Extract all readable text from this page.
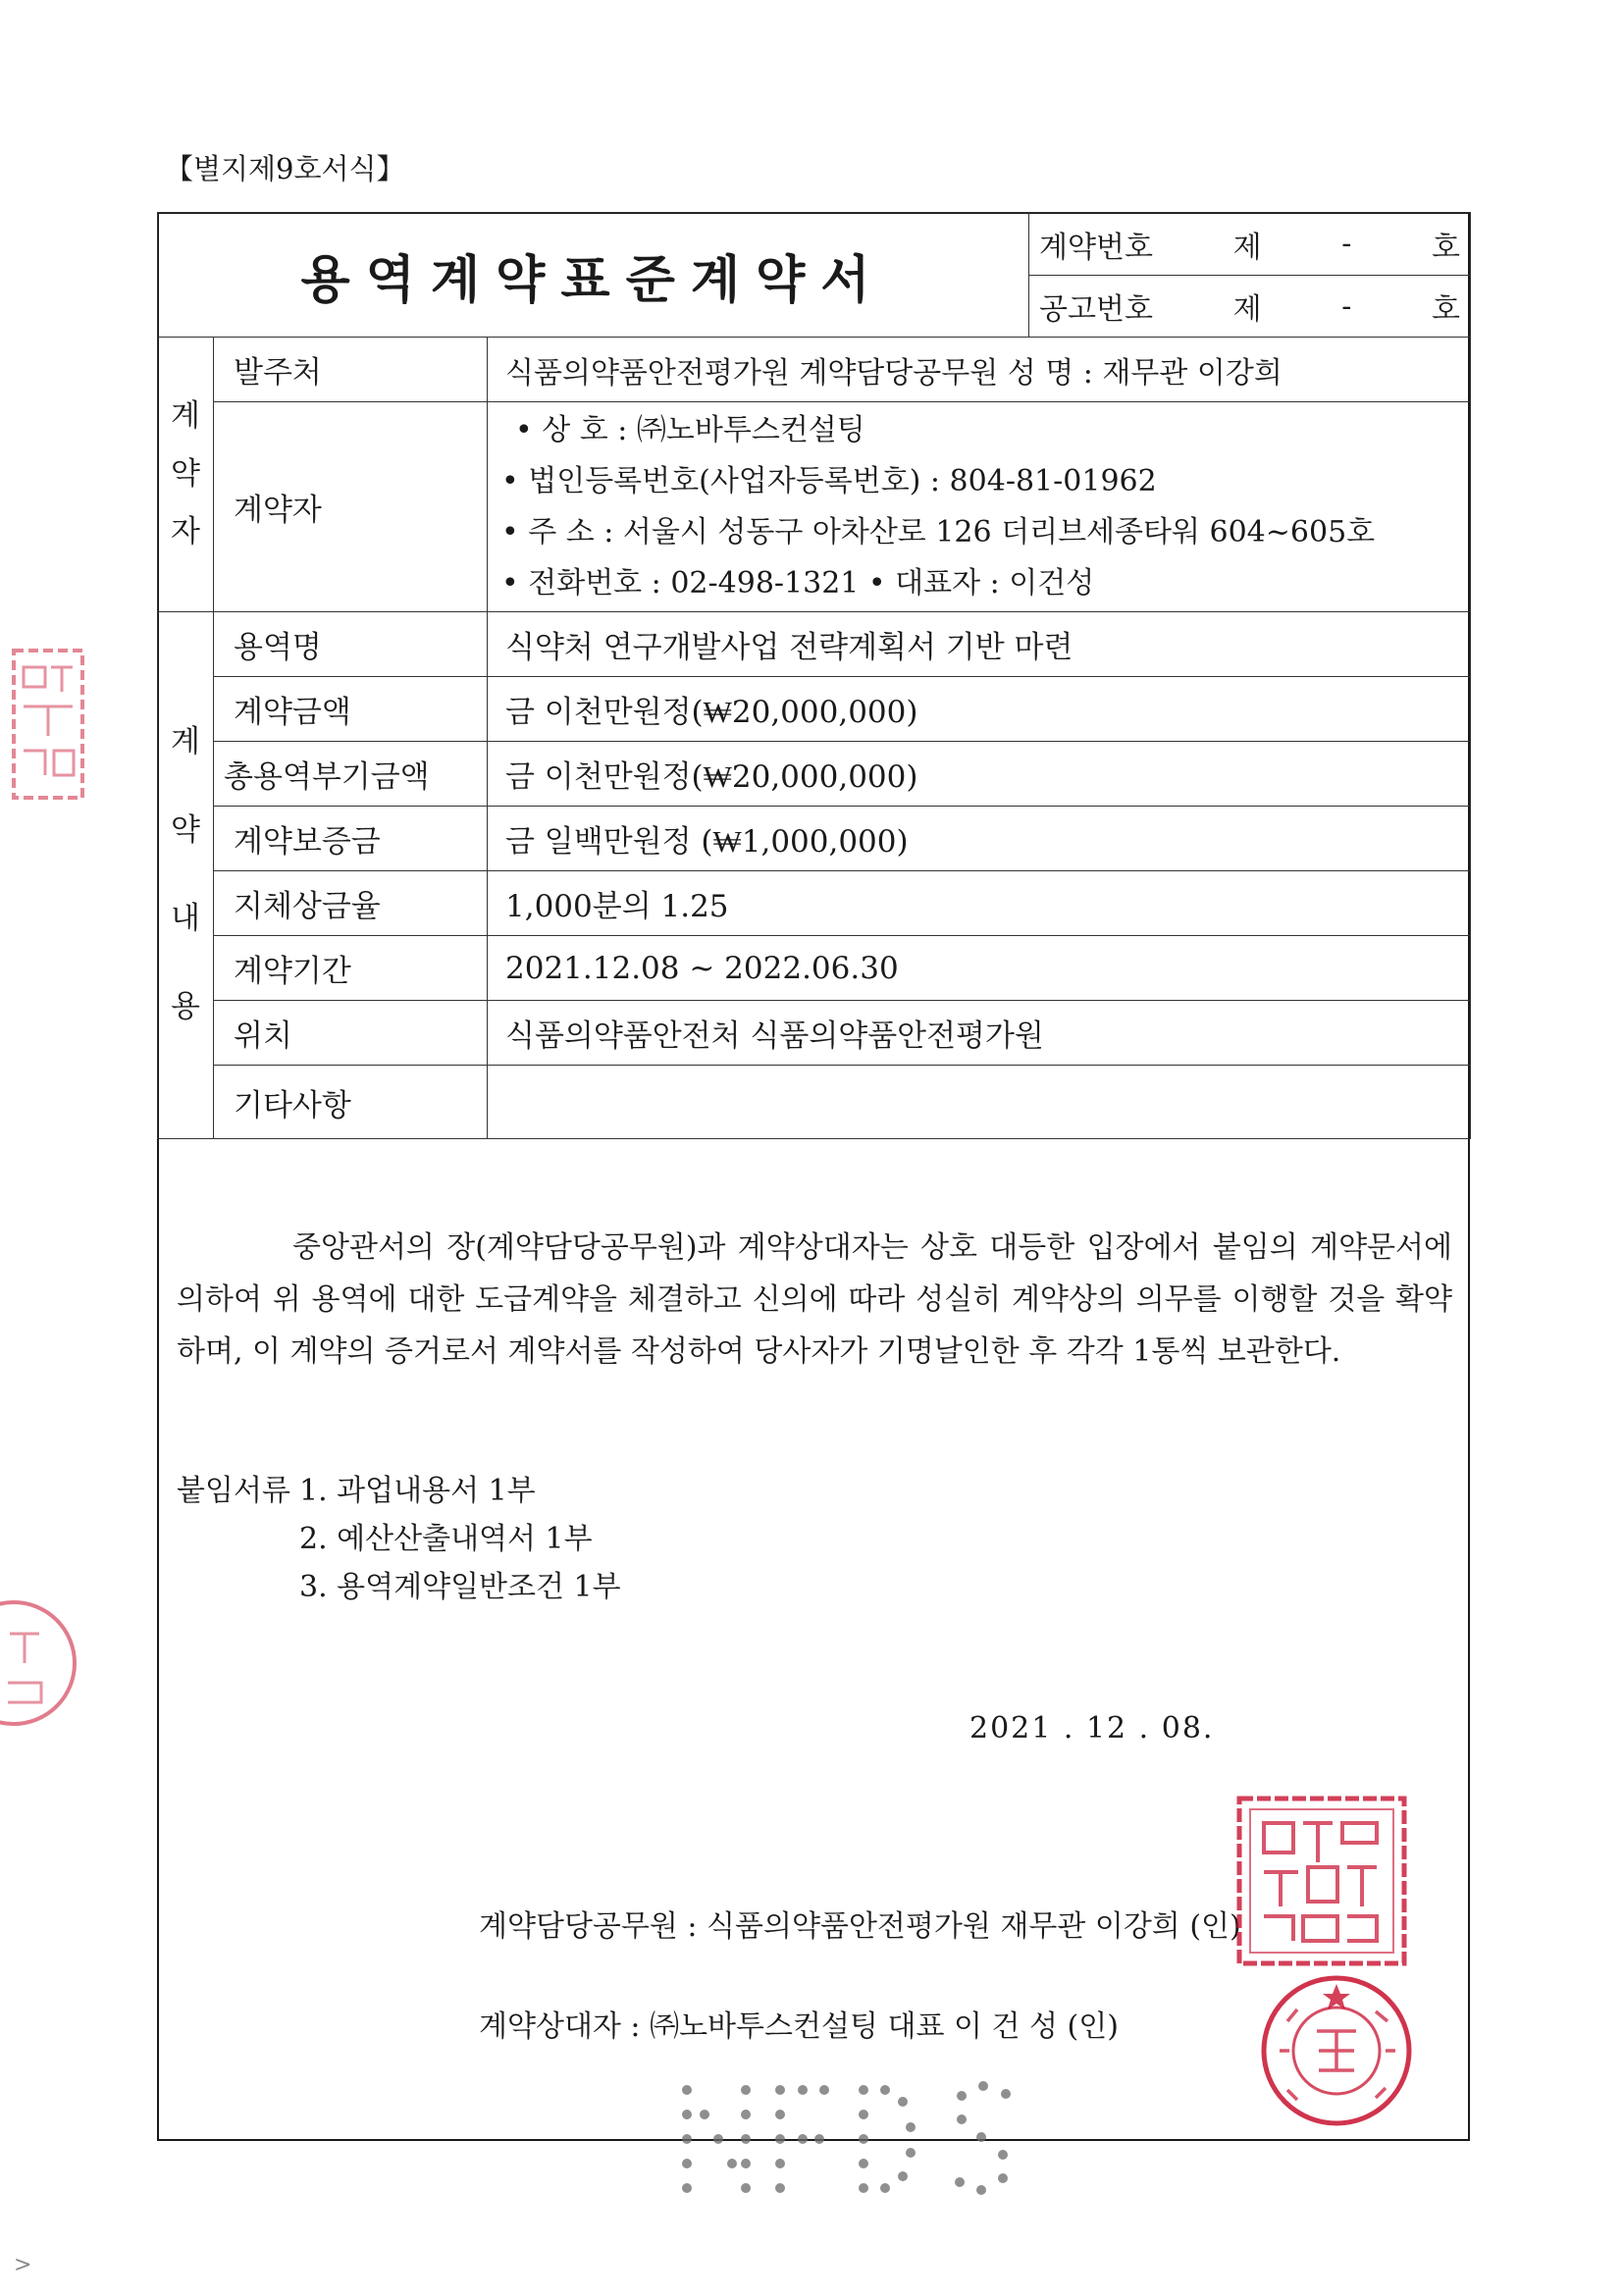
【별지제9호서식】
용역계약표준계약서			계약번호 제 - 호

			공고번호 제 - 호

계
약
자	발주처	식품의약품안전평가원 계약담당공무원 성 명 : 재무관 이강희	
	계약자	• 상 호 : ㈜노바투스컨설팅
• 법인등록번호(사업자등록번호) : 804-81-01962
• 주 소 : 서울시 성동구 아차산로 126 더리브세종타워 604~605호
• 전화번호 : 02-498-1321 • 대표자 : 이건성	

계
약
내
용	용역명	식약처 연구개발사업 전략계획서 기반 마련	
	계약금액	금 이천만원정(₩20,000,000)	
	총용역부기금액	금 이천만원정(₩20,000,000)	
	계약보증금	금 일백만원정 (₩1,000,000)	
	지체상금율	1,000분의 1.25	
	계약기간	2021.12.08 ~ 2022.06.30	
	위치	식품의약품안전처 식품의약품안전평가원	
	기타사항		

중앙관서의 장(계약담당공무원)과 계약상대자는 상호 대등한 입장에서 붙임의 계약문서에 의하여 위 용역에 대한 도급계약을 체결하고 신의에 따라 성실히 계약상의 의무를 이행할 것을 확약하며, 이 계약의 증거로서 계약서를 작성하여 당사자가 기명날인한 후 각각 1통씩 보관한다.

붙임서류 1. 과업내용서 1부
2. 예산산출내역서 1부
3. 용역계약일반조건 1부
2021 . 12 . 08.
계약담당공무원 : 식품의약품안전평가원 재무관 이강희 (인)
계약상대자 : ㈜노바투스컨설팅 대표 이 건 성 (인)
>
